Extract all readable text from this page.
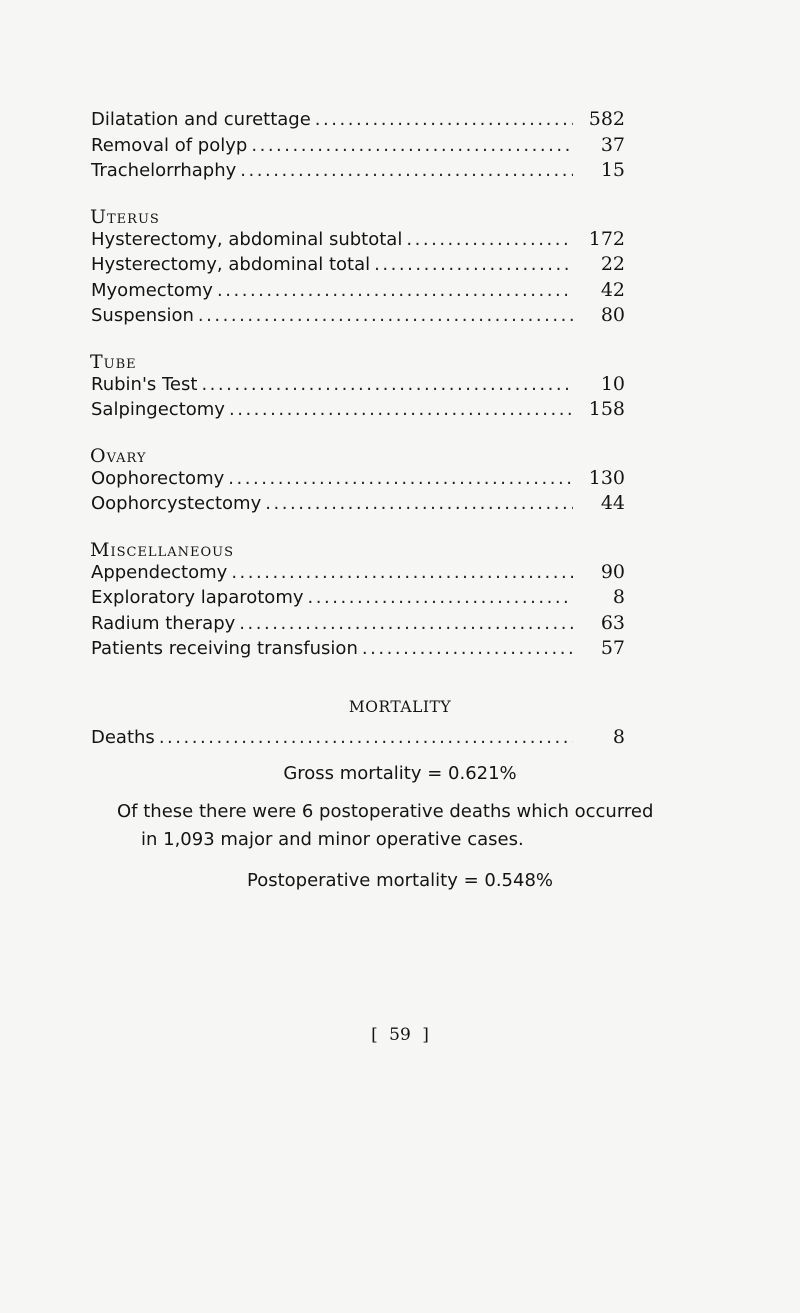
Dilatation and curettage . . .	582
Removal of polyp . . .	37
Trachelorrhaphy . . .	15
Uterus
Hysterectomy, abdominal subtotal . . .	172
Hysterectomy, abdominal total . . .	22
Myomectomy . . .	42
Suspension . . .	80
Tube
Rubin's Test . . .	10
Salpingectomy . . .	158
Ovary
Oophorectomy . . .	130
Oophorcystectomy . . .	44
Miscellaneous
Appendectomy . . .	90
Exploratory laparotomy . . .	8
Radium therapy . . .	63
Patients receiving transfusion . . .	57
MORTALITY
Deaths . . .	8
Gross mortality = 0.621%
Of these there were 6 postoperative deaths which occurred
in 1,093 major and minor operative cases.
Postoperative mortality = 0.548%
[ 59 ]
